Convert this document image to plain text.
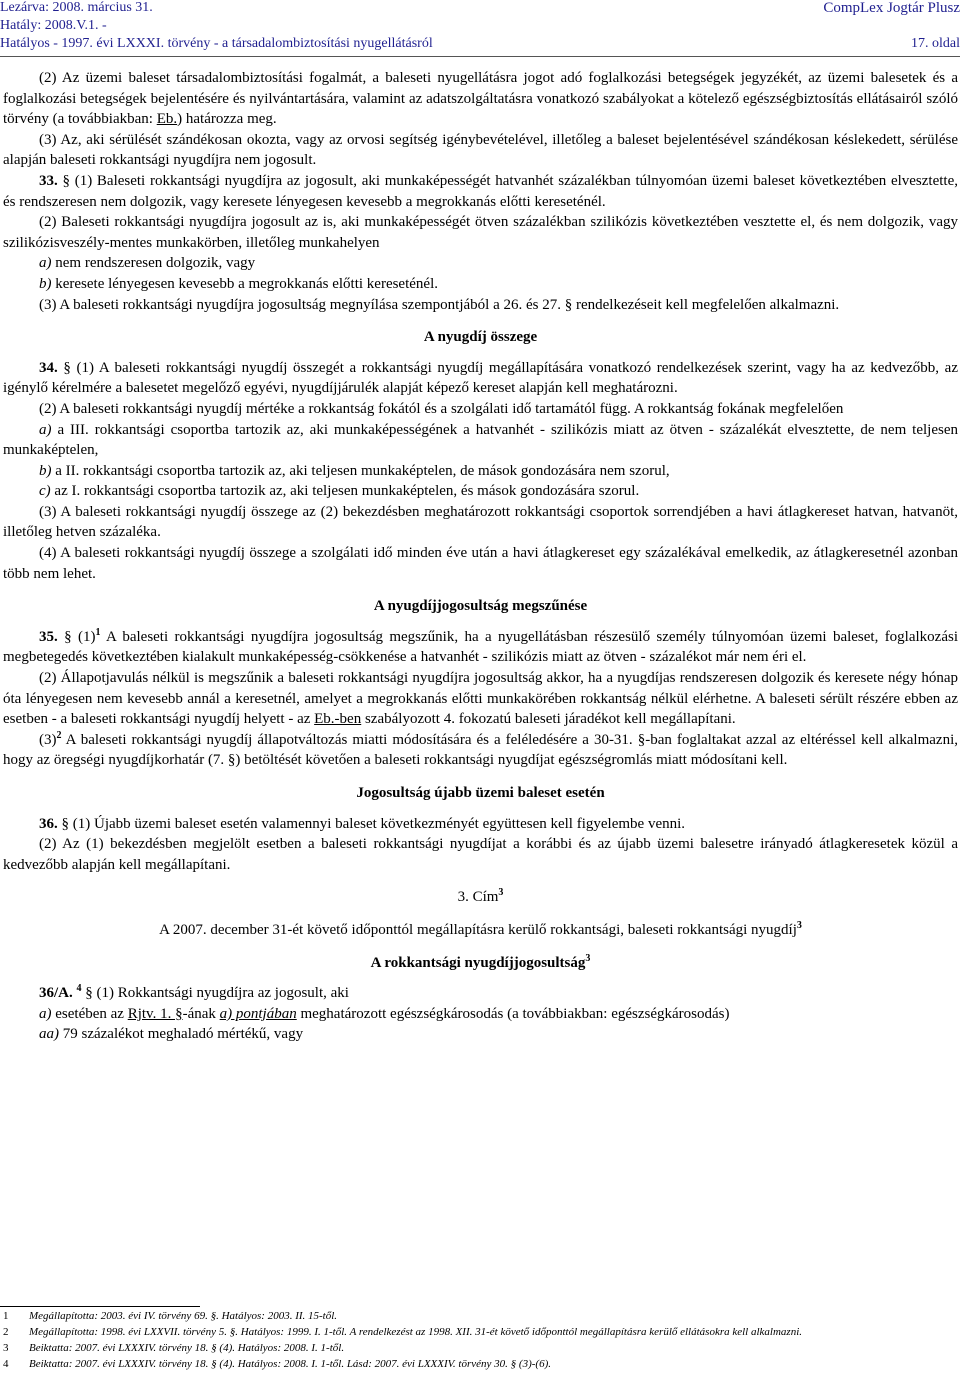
Lezárva: 2008. március 31.
Hatály: 2008.V.1. -
Hatályos - 1997. évi LXXXI. törvény - a társadalombiztosítási nyugellátásról
CompLex Jogtár Plusz
17. oldal

(2) Az üzemi baleset társadalombiztosítási fogalmát, a baleseti nyugellátásra jogot adó foglalkozási betegségek jegyzékét, az üzemi balesetek és a foglalkozási betegségek bejelentésére és nyilvántartására, valamint az adatszolgáltatásra vonatkozó szabályokat a kötelező egészségbiztosítás ellátásairól szóló törvény (a továbbiakban: Eb.) határozza meg.

(3) Az, aki sérülését szándékosan okozta, vagy az orvosi segítség igénybevételével, illetőleg a baleset bejelentésével szándékosan késlekedett, sérülése alapján baleseti rokkantsági nyugdíjra nem jogosult.

33. § (1) Baleseti rokkantsági nyugdíjra az jogosult, aki munkaképességét hatvanhét százalékban túlnyomóan üzemi baleset következtében elvesztette, és rendszeresen nem dolgozik, vagy keresete lényegesen kevesebb a megrokkanás előtti kereseténél.

(2) Baleseti rokkantsági nyugdíjra jogosult az is, aki munkaképességét ötven százalékban szilikózis következtében vesztette el, és nem dolgozik, vagy szilikózisveszély-mentes munkakörben, illetőleg munkahelyen

a) nem rendszeresen dolgozik, vagy

b) keresete lényegesen kevesebb a megrokkanás előtti kereseténél.

(3) A baleseti rokkantsági nyugdíjra jogosultság megnyílása szempontjából a 26. és 27. § rendelkezéseit kell megfelelően alkalmazni.

A nyugdíj összege

34. § (1) A baleseti rokkantsági nyugdíj összegét a rokkantsági nyugdíj megállapítására vonatkozó rendelkezések szerint, vagy ha az kedvezőbb, az igénylő kérelmére a balesetet megelőző egyévi, nyugdíjjárulék alapját képező kereset alapján kell meghatározni.

(2) A baleseti rokkantsági nyugdíj mértéke a rokkantság fokától és a szolgálati idő tartamától függ. A rokkantság fokának megfelelően

a) a III. rokkantsági csoportba tartozik az, aki munkaképességének a hatvanhét - szilikózis miatt az ötven - százalékát elvesztette, de nem teljesen munkaképtelen,

b) a II. rokkantsági csoportba tartozik az, aki teljesen munkaképtelen, de mások gondozására nem szorul,

c) az I. rokkantsági csoportba tartozik az, aki teljesen munkaképtelen, és mások gondozására szorul.

(3) A baleseti rokkantsági nyugdíj összege az (2) bekezdésben meghatározott rokkantsági csoportok sorrendjében a havi átlagkereset hatvan, hatvanöt, illetőleg hetven százaléka.

(4) A baleseti rokkantsági nyugdíj összege a szolgálati idő minden éve után a havi átlagkereset egy százalékával emelkedik, az átlagkeresetnél azonban több nem lehet.

A nyugdíjjogosultság megszűnése

35. § $(1)^1$ A baleseti rokkantsági nyugdíjra jogosultság megszűnik, ha a nyugellátásban részesülő személy túlnyomóan üzemi baleset, foglalkozási megbetegedés következtében kialakult munkaképesség-csökkenése a hatvanhét - szilikózis miatt az ötven - százalékot már nem éri el.

(2) Állapotjavulás nélkül is megszűnik a baleseti rokkantsági nyugdíjra jogosultság akkor, ha a nyugdíjas rendszeresen dolgozik és keresete négy hónap óta lényegesen nem kevesebb annál a keresetnél, amelyet a megrokkanás előtti munkakörében rokkantság nélkül elérhetne. A baleseti sérült részére ebben az esetben - a baleseti rokkantsági nyugdíj helyett - az Eb.-ben szabályozott 4. fokozatú baleseti járadékot kell megállapítani.

$(3)^2$ A baleseti rokkantsági nyugdíj állapotváltozás miatti módosítására és a feléledésére a 30-31. §-ban foglaltakat azzal az eltéréssel kell alkalmazni, hogy az öregségi nyugdíjkorhatár (7. §) betöltését követően a baleseti rokkantsági nyugdíjat egészségromlás miatt módosítani kell.

Jogosultság újabb üzemi baleset esetén

36. § (1) Újabb üzemi baleset esetén valamennyi baleset következményét együttesen kell figyelembe venni.

(2) Az (1) bekezdésben megjelölt esetben a baleseti rokkantsági nyugdíjat a korábbi és az újabb üzemi balesetre irányadó átlagkeresetek közül a kedvezőbb alapján kell megállapítani.

3. Cím$^3$

A 2007. december 31-ét követő időponttól megállapításra kerülő rokkantsági, baleseti rokkantsági nyugdíj$^3$

A rokkantsági nyugdíjjogosultság$^3$

36/A. $^4$ § (1) Rokkantsági nyugdíjra az jogosult, aki

a) esetében az Rjtv. 1. §-ának a) pontjában meghatározott egészségkárosodás (a továbbiakban: egészségkárosodás)

aa) 79 százalékot meghaladó mértékű, vagy

1 Megállapította: 2003. évi IV. törvény 69. §. Hatályos: 2003. II. 15-től.
2 Megállapította: 1998. évi LXXVII. törvény 5. §. Hatályos: 1999. I. 1-től. A rendelkezést az 1998. XII. 31-ét követő időponttól megállapításra kerülő ellátásokra kell alkalmazni.
3 Beiktatta: 2007. évi LXXXIV. törvény 18. § (4). Hatályos: 2008. I. 1-től.
4 Beiktatta: 2007. évi LXXXIV. törvény 18. § (4). Hatályos: 2008. I. 1-től. Lásd: 2007. évi LXXXIV. törvény 30. § (3)-(6).
